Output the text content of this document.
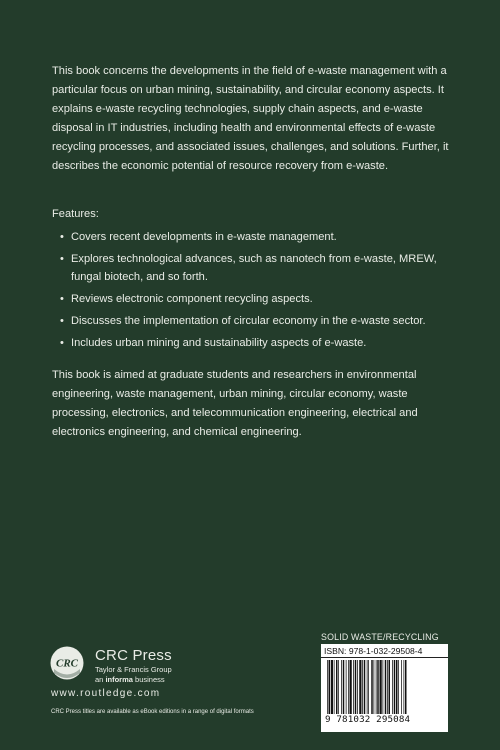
This book concerns the developments in the field of e-waste management with a particular focus on urban mining, sustainability, and circular economy aspects. It explains e-waste recycling technologies, supply chain aspects, and e-waste disposal in IT industries, including health and environmental effects of e-waste recycling processes, and associated issues, challenges, and solutions. Further, it describes the economic potential of resource recovery from e-waste.
Features:
• Covers recent developments in e-waste management.
• Explores technological advances, such as nanotech from e-waste, MREW, fungal biotech, and so forth.
• Reviews electronic component recycling aspects.
• Discusses the implementation of circular economy in the e-waste sector.
• Includes urban mining and sustainability aspects of e-waste.
This book is aimed at graduate students and researchers in environmental engineering, waste management, urban mining, circular economy, waste processing, electronics, and telecommunication engineering, electrical and electronics engineering, and chemical engineering.
CRC CRC Press
Taylor & Francis Group
an informa business
www.routledge.com
CRC Press titles are available as eBook editions in a range of digital formats
SOLID WASTE/RECYCLING
ISBN: 978-1-032-29508-4
9 781032 295084
